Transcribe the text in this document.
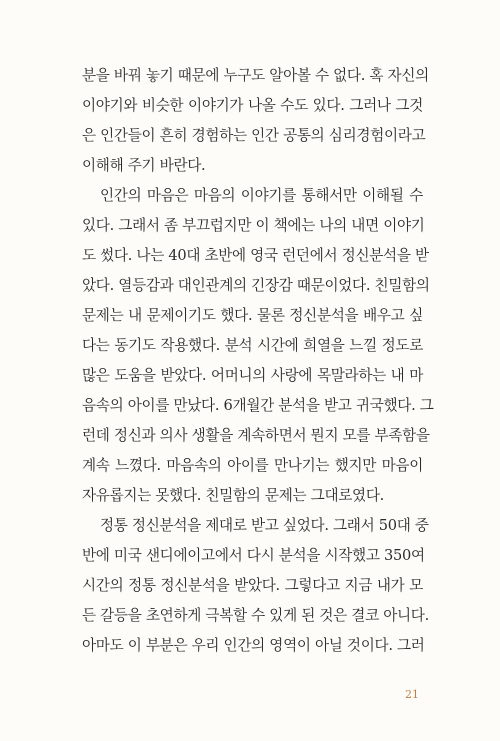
분을 바꿔 놓기 때문에 누구도 알아볼 수 없다. 혹 자신의
이야기와 비슷한 이야기가 나올 수도 있다. 그러나 그것
은 인간들이 흔히 경험하는 인간 공통의 심리경험이라고
이해해 주기 바란다.
인간의 마음은 마음의 이야기를 통해서만 이해될 수
있다. 그래서 좀 부끄럽지만 이 책에는 나의 내면 이야기
도 썼다. 나는 40대 초반에 영국 런던에서 정신분석을 받
았다. 열등감과 대인관계의 긴장감 때문이었다. 친밀함의
문제는 내 문제이기도 했다. 물론 정신분석을 배우고 싶
다는 동기도 작용했다. 분석 시간에 희열을 느낄 정도로
많은 도움을 받았다. 어머니의 사랑에 목말라하는 내 마
음속의 아이를 만났다. 6개월간 분석을 받고 귀국했다. 그
런데 정신과 의사 생활을 계속하면서 뭔지 모를 부족함을
계속 느꼈다. 마음속의 아이를 만나기는 했지만 마음이
자유롭지는 못했다. 친밀함의 문제는 그대로였다.
정통 정신분석을 제대로 받고 싶었다. 그래서 50대 중
반에 미국 샌디에이고에서 다시 분석을 시작했고 350여
시간의 정통 정신분석을 받았다. 그렇다고 지금 내가 모
든 갈등을 초연하게 극복할 수 있게 된 것은 결코 아니다.
아마도 이 부분은 우리 인간의 영역이 아닐 것이다. 그러
21
